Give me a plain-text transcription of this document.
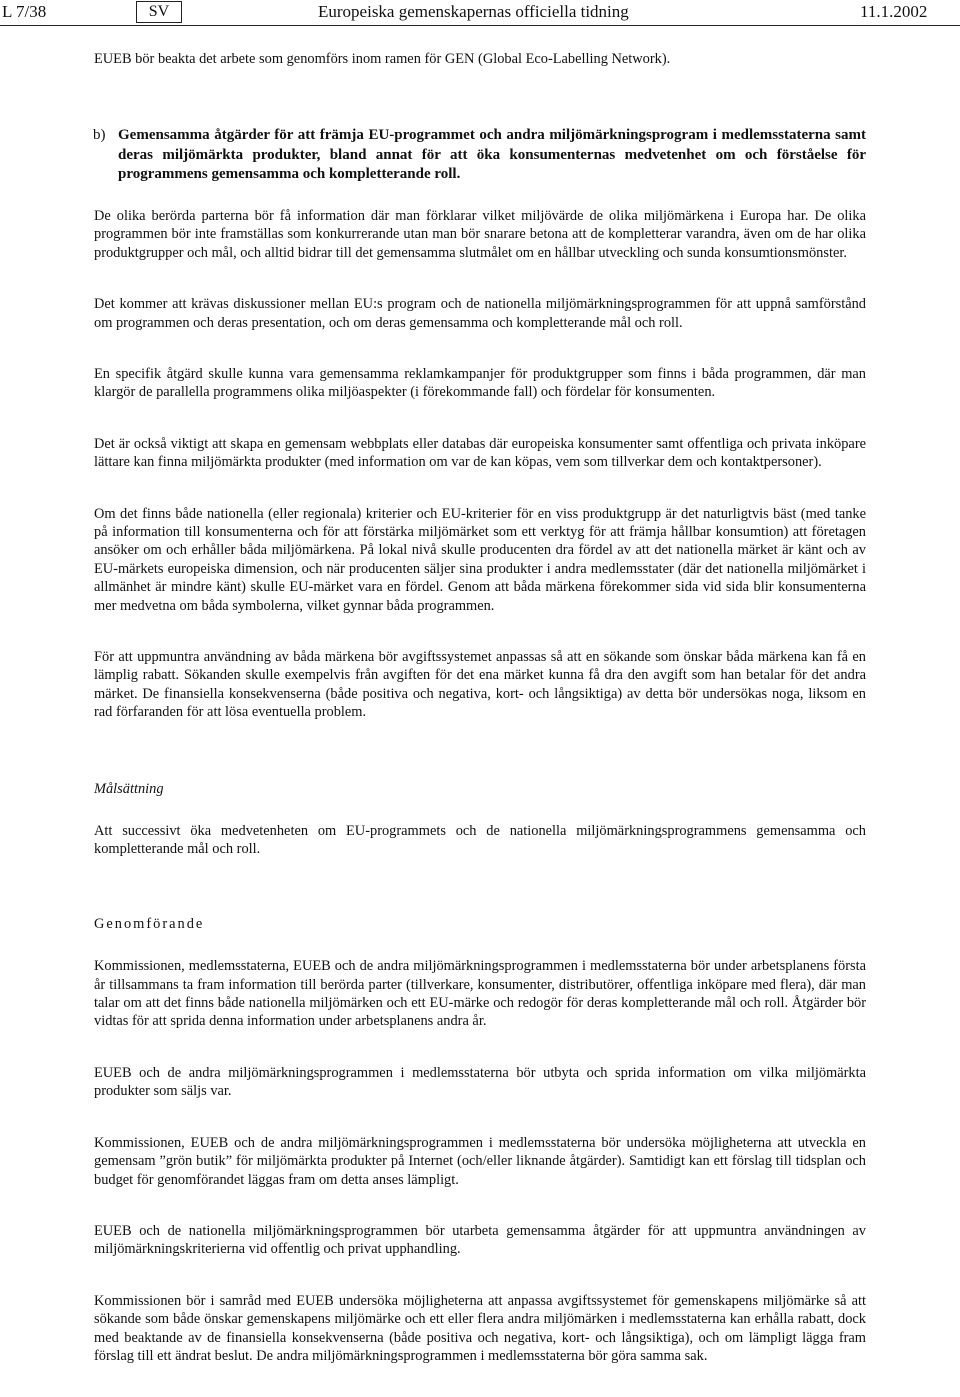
L 7/38	SV	Europeiska gemenskapernas officiella tidning	11.1.2002

EUEB bör beakta det arbete som genomförs inom ramen för GEN (Global Eco-Labelling Network).

b) Gemensamma åtgärder för att främja EU-programmet och andra miljömärkningsprogram i medlemsstaterna samt deras miljömärkta produkter, bland annat för att öka konsumenternas medvetenhet om och förståelse för programmens gemensamma och kompletterande roll.

De olika berörda parterna bör få information där man förklarar vilket miljövärde de olika miljömärkena i Europa har. De olika programmen bör inte framställas som konkurrerande utan man bör snarare betona att de kompletterar varandra, även om de har olika produktgrupper och mål, och alltid bidrar till det gemensamma slutmålet om en hållbar utveckling och sunda konsumtionsmönster.

Det kommer att krävas diskussioner mellan EU:s program och de nationella miljömärkningsprogrammen för att uppnå samförstånd om programmen och deras presentation, och om deras gemensamma och kompletterande mål och roll.

En specifik åtgärd skulle kunna vara gemensamma reklamkampanjer för produktgrupper som finns i båda programmen, där man klargör de parallella programmens olika miljöaspekter (i förekommande fall) och fördelar för konsumenten.

Det är också viktigt att skapa en gemensam webbplats eller databas där europeiska konsumenter samt offentliga och privata inköpare lättare kan finna miljömärkta produkter (med information om var de kan köpas, vem som tillverkar dem och kontaktpersoner).

Om det finns både nationella (eller regionala) kriterier och EU-kriterier för en viss produktgrupp är det naturligtvis bäst (med tanke på information till konsumenterna och för att förstärka miljömärket som ett verktyg för att främja hållbar konsumtion) att företagen ansöker om och erhåller båda miljömärkena. På lokal nivå skulle producenten dra fördel av att det nationella märket är känt och av EU-märkets europeiska dimension, och när producenten säljer sina produkter i andra medlemsstater (där det nationella miljömärket i allmänhet är mindre känt) skulle EU-märket vara en fördel. Genom att båda märkena förekommer sida vid sida blir konsumenterna mer medvetna om båda symbolerna, vilket gynnar båda programmen.

För att uppmuntra användning av båda märkena bör avgiftssystemet anpassas så att en sökande som önskar båda märkena kan få en lämplig rabatt. Sökanden skulle exempelvis från avgiften för det ena märket kunna få dra den avgift som han betalar för det andra märket. De finansiella konsekvenserna (både positiva och negativa, kort- och långsiktiga) av detta bör undersökas noga, liksom en rad förfaranden för att lösa eventuella problem.

Målsättning

Att successivt öka medvetenheten om EU-programmets och de nationella miljömärkningsprogrammens gemensamma och kompletterande mål och roll.

Genomförande

Kommissionen, medlemsstaterna, EUEB och de andra miljömärkningsprogrammen i medlemsstaterna bör under arbetsplanens första år tillsammans ta fram information till berörda parter (tillverkare, konsumenter, distributörer, offentliga inköpare med flera), där man talar om att det finns både nationella miljömärken och ett EU-märke och redogör för deras kompletterande mål och roll. Åtgärder bör vidtas för att sprida denna information under arbetsplanens andra år.

EUEB och de andra miljömärkningsprogrammen i medlemsstaterna bör utbyta och sprida information om vilka miljömärkta produkter som säljs var.

Kommissionen, EUEB och de andra miljömärkningsprogrammen i medlemsstaterna bör undersöka möjligheterna att utveckla en gemensam ”grön butik” för miljömärkta produkter på Internet (och/eller liknande åtgärder). Samtidigt kan ett förslag till tidsplan och budget för genomförandet läggas fram om detta anses lämpligt.

EUEB och de nationella miljömärkningsprogrammen bör utarbeta gemensamma åtgärder för att uppmuntra användningen av miljömärkningskriterierna vid offentlig och privat upphandling.

Kommissionen bör i samråd med EUEB undersöka möjligheterna att anpassa avgiftssystemet för gemenskapens miljömärke så att sökande som både önskar gemenskapens miljömärke och ett eller flera andra miljömärken i medlemsstaterna kan erhålla rabatt, dock med beaktande av de finansiella konsekvenserna (både positiva och negativa, kort- och långsiktiga), och om lämpligt lägga fram förslag till ett ändrat beslut. De andra miljömärkningsprogrammen i medlemsstaterna bör göra samma sak.
